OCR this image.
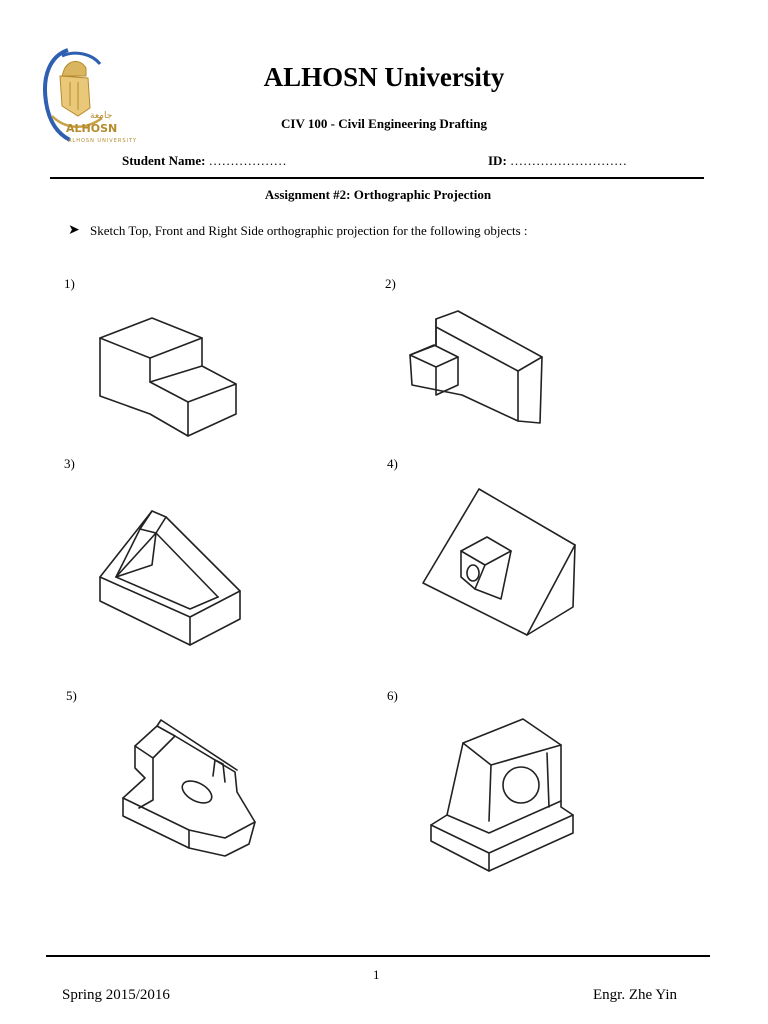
جامعة
ALHOSN
ALHOSN UNIVERSITY
ALHOSN University
CIV 100 - Civil Engineering Drafting
Student Name: ………………	ID: ………………………
Assignment #2: Orthographic Projection
➤ Sketch Top, Front and Right Side orthographic projection for the following objects :
1)	2)
3)	4)
5)	6)
1
Spring 2015/2016	Engr. Zhe Yin
